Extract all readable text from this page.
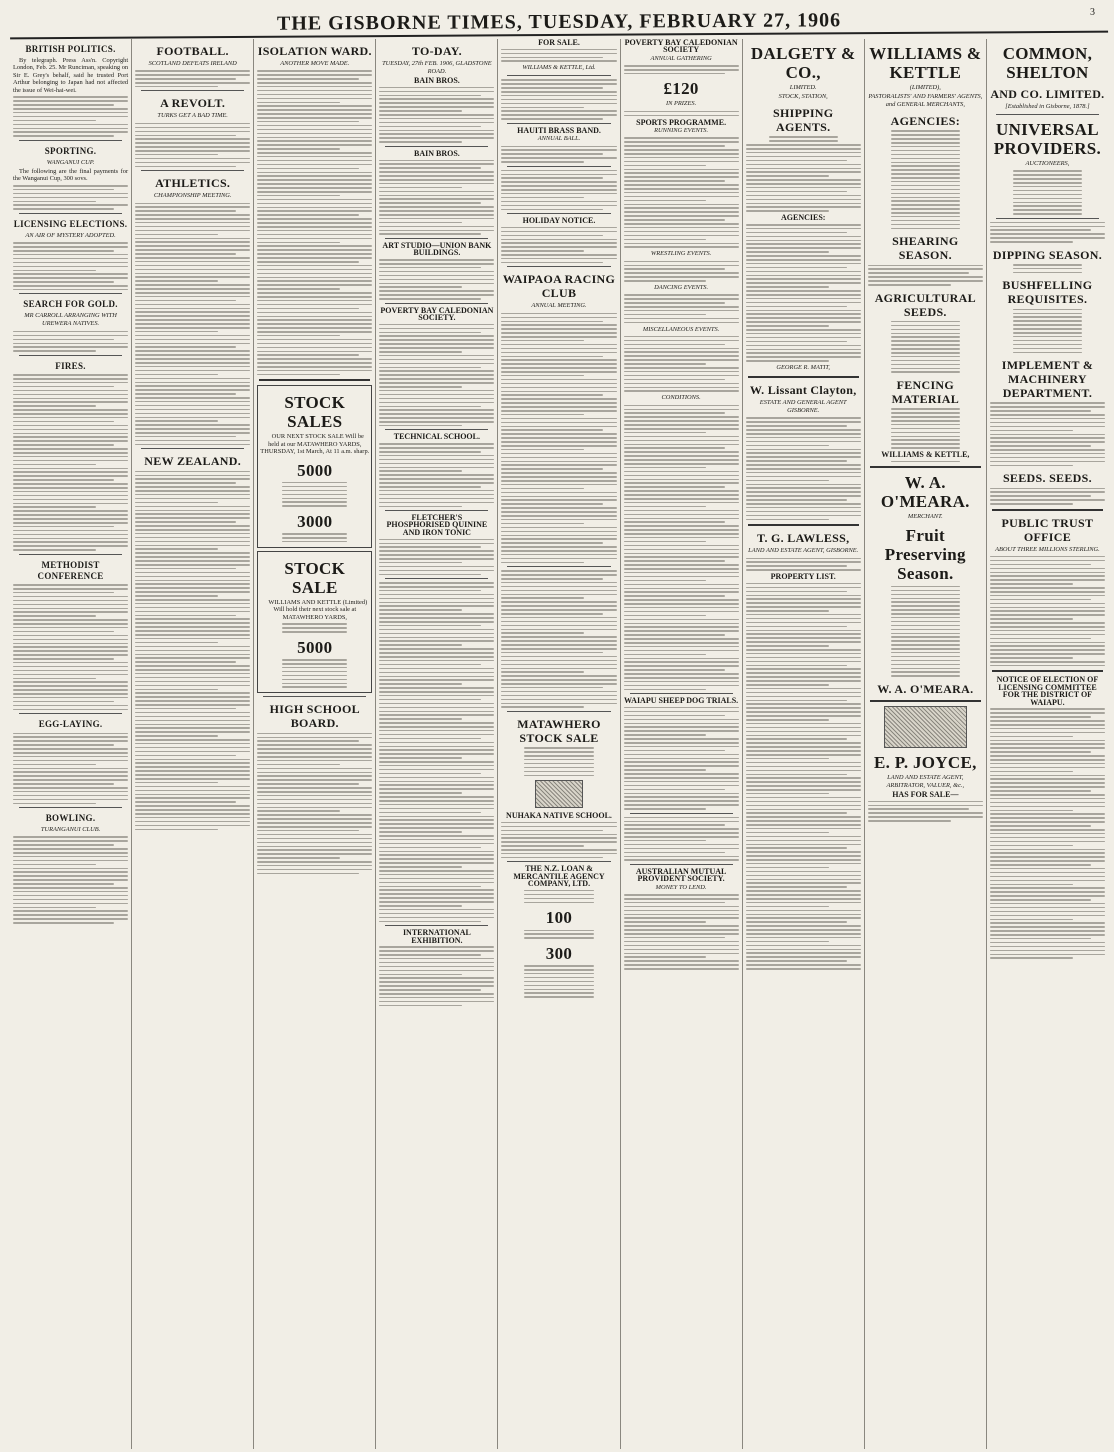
THE GISBORNE TIMES, TUESDAY, FEBRUARY 27, 1906	3
BRITISH POLITICS.

By telegraph. Press Ass'n. Copyright London, Feb. 25. Mr Runciman, speaking on Sir E. Grey's behalf, said he trusted Port Arthur belonging to Japan had not affected the issue of Wei-hai-wei.

SPORTING.
WANGANUI CUP.

The following are the final payments for the Wanganui Cup, 300 sovs.

LICENSING ELECTIONS.
AN AIR OF MYSTERY ADOPTED.
SEARCH FOR GOLD.
MR CARROLL ARRANGING WITH UREWERA NATIVES.
FIRES.
METHODIST CONFERENCE
EGG-LAYING.
BOWLING.
TURANGANUI CLUB.
FOOTBALL.
SCOTLAND DEFEATS IRELAND
A REVOLT.
TURKS GET A BAD TIME.
ATHLETICS.
CHAMPIONSHIP MEETING.
NEW ZEALAND.
ISOLATION WARD.
ANOTHER MOVE MADE.
STOCK SALES

OUR NEXT STOCK SALE Will be held at our MATAWHERO YARDS, THURSDAY, 1st March, At 11 a.m. sharp.

5000
3000
STOCK SALE

WILLIAMS AND KETTLE (Limited) Will hold their next stock sale at MATAWHERO YARDS,

5000
HIGH SCHOOL BOARD.
TO-DAY.
TUESDAY, 27th FEB. 1906, GLADSTONE ROAD.
BAIN BROS.
BAIN BROS.
ART STUDIO—UNION BANK BUILDINGS.
POVERTY BAY CALEDONIAN SOCIETY.
TECHNICAL SCHOOL.
FLETCHER'S PHOSPHORISED QUININE AND IRON TONIC
INTERNATIONAL EXHIBITION.
FOR SALE.
WILLIAMS & KETTLE, Ltd.
HAUITI BRASS BAND.
ANNUAL BALL.
HOLIDAY NOTICE.
WAIPAOA RACING CLUB
ANNUAL MEETING.
MATAWHERO STOCK SALE
NUHAKA NATIVE SCHOOL.
THE N.Z. LOAN & MERCANTILE AGENCY COMPANY, LTD.
100
300
POVERTY BAY CALEDONIAN SOCIETY
ANNUAL GATHERING
£120
IN PRIZES.
SPORTS PROGRAMME.
RUNNING EVENTS.
WRESTLING EVENTS.
DANCING EVENTS.
MISCELLANEOUS EVENTS.
CONDITIONS.
WAIAPU SHEEP DOG TRIALS.
AUSTRALIAN MUTUAL PROVIDENT SOCIETY.
MONEY TO LEND.
DALGETY & CO.,
LIMITED.
STOCK, STATION,
SHIPPING AGENTS.
AGENCIES:
GEORGE R. MATIT,
W. Lissant Clayton,
ESTATE AND GENERAL AGENT GISBORNE.
T. G. LAWLESS,
LAND AND ESTATE AGENT, GISBORNE.
PROPERTY LIST.
WILLIAMS & KETTLE
(LIMITED),
PASTORALISTS' AND FARMERS' AGENTS, and GENERAL MERCHANTS,
AGENCIES:
SHEARING SEASON.
AGRICULTURAL SEEDS.
FENCING MATERIAL
WILLIAMS & KETTLE,
W. A. O'MEARA.
MERCHANT.
Fruit Preserving Season.
W. A. O'MEARA.
E. P. JOYCE,
LAND AND ESTATE AGENT, ARBITRATOR, VALUER, &c.,
HAS FOR SALE—
COMMON, SHELTON
AND CO. LIMITED.
[Established in Gisborne, 1878.]
UNIVERSAL PROVIDERS.
AUCTIONEERS,
DIPPING SEASON.
BUSHFELLING REQUISITES.
IMPLEMENT & MACHINERY DEPARTMENT.
SEEDS. SEEDS.
PUBLIC TRUST OFFICE
ABOUT THREE MILLIONS STERLING.
NOTICE OF ELECTION OF LICENSING COMMITTEE FOR THE DISTRICT OF WAIAPU.
